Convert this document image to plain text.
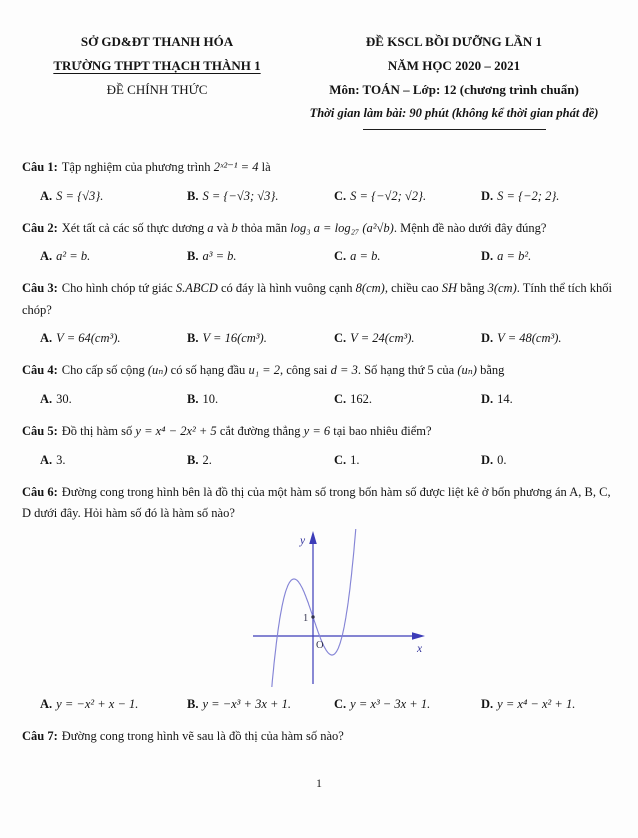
SỞ GD&ĐT THANH HÓA
TRƯỜNG THPT THẠCH THÀNH 1
ĐỀ CHÍNH THỨC
ĐỀ KSCL BỒI DƯỠNG LẦN 1
NĂM HỌC 2020 – 2021
Môn: TOÁN – Lớp: 12 (chương trình chuẩn)
Thời gian làm bài: 90 phút (không kể thời gian phát đề)
Câu 1: Tập nghiệm của phương trình 2ˣ²⁻¹ = 4 là
A. S = {√3}.	B. S = {−√3; √3}.	C. S = {−√2; √2}.	D. S = {−2; 2}.
Câu 2: Xét tất cả các số thực dương a và b thỏa mãn log₃ a = log₂₇ (a²√b). Mệnh đề nào dưới đây đúng?
A. a² = b.	B. a³ = b.	C. a = b.	D. a = b².
Câu 3: Cho hình chóp tứ giác S.ABCD có đáy là hình vuông cạnh 8(cm), chiều cao SH bằng 3(cm). Tính thể tích khối chóp?
A. V = 64(cm³).	B. V = 16(cm³).	C. V = 24(cm³).	D. V = 48(cm³).
Câu 4: Cho cấp số cộng (uₙ) có số hạng đầu u₁ = 2, công sai d = 3. Số hạng thứ 5 của (uₙ) bằng
A. 30.	B. 10.	C. 162.	D. 14.
Câu 5: Đồ thị hàm số y = x⁴ − 2x² + 5 cắt đường thẳng y = 6 tại bao nhiêu điểm?
A. 3.	B. 2.	C. 1.	D. 0.
Câu 6: Đường cong trong hình bên là đồ thị của một hàm số trong bốn hàm số được liệt kê ở bốn phương án A, B, C, D dưới đây. Hỏi hàm số đó là hàm số nào?
y
x
O
1
A. y = −x² + x − 1.	B. y = −x³ + 3x + 1.	C. y = x³ − 3x + 1.	D. y = x⁴ − x² + 1.
Câu 7: Đường cong trong hình vẽ sau là đồ thị của hàm số nào?
1
